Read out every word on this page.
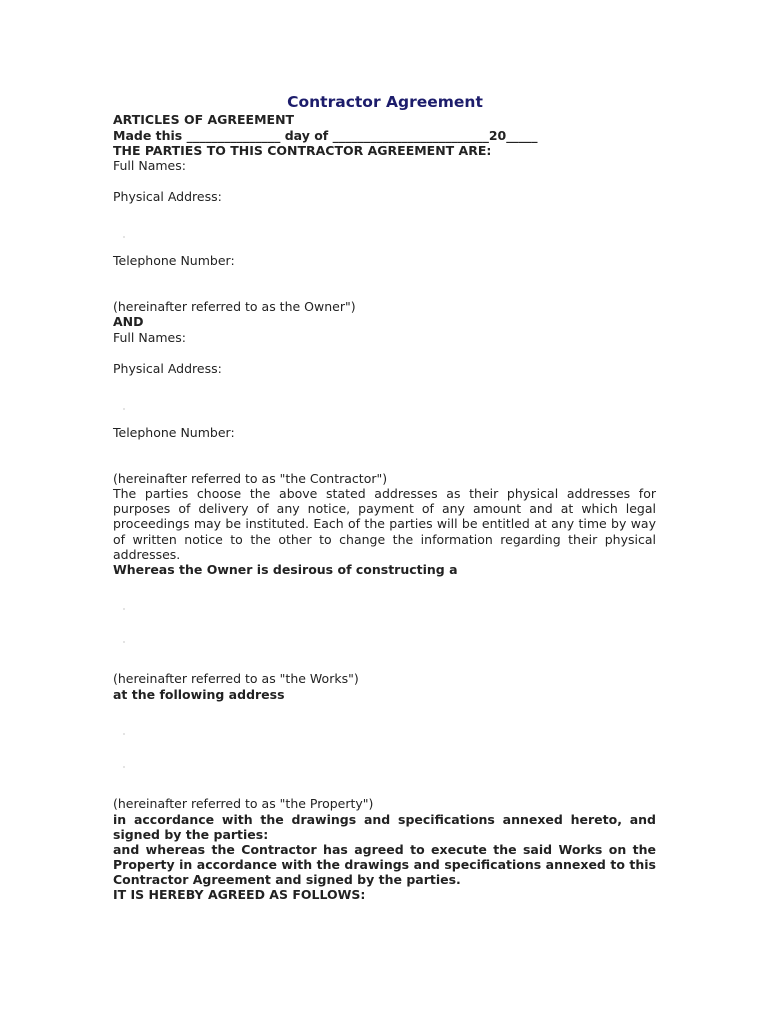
Contractor Agreement

ARTICLES OF AGREEMENT

Made this _______________ day of _________________________20_____

THE PARTIES TO THIS CONTRACTOR AGREEMENT ARE:

Full Names:

Physical Address:

Telephone Number:

(hereinafter referred to as the Owner")

AND

Full Names:

Physical Address:

Telephone Number:

(hereinafter referred to as "the Contractor")

The parties choose the above stated addresses as their physical addresses for purposes of delivery of any notice, payment of any amount and at which legal proceedings may be instituted. Each of the parties will be entitled at any time by way of written notice to the other to change the information regarding their physical addresses.

Whereas the Owner is desirous of constructing a

(hereinafter referred to as "the Works")

at the following address

(hereinafter referred to as "the Property")

in accordance with the drawings and specifications annexed hereto, and signed by the parties:

and whereas the Contractor has agreed to execute the said Works on the Property in accordance with the drawings and specifications annexed to this Contractor Agreement and signed by the parties.

IT IS HEREBY AGREED AS FOLLOWS:
